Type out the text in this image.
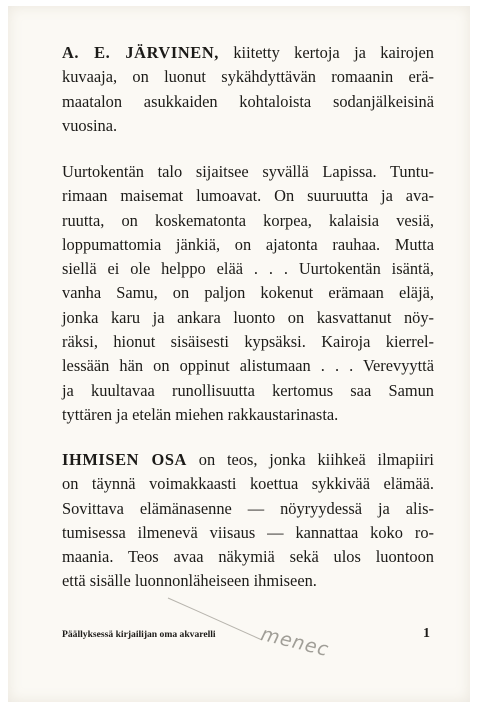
A. E. JÄRVINEN, kiitetty kertoja ja kairojen
kuvaaja, on luonut sykähdyttävän romaanin erä-
maatalon asukkaiden kohtaloista sodanjälkeisinä
vuosina.
Uurtokentän talo sijaitsee syvällä Lapissa. Tuntu-
rimaan maisemat lumoavat. On suuruutta ja ava-
ruutta, on koskematonta korpea, kalaisia vesiä,
loppumattomia jänkiä, on ajatonta rauhaa. Mutta
siellä ei ole helppo elää . . . Uurtokentän isäntä,
vanha Samu, on paljon kokenut erämaan eläjä,
jonka karu ja ankara luonto on kasvattanut nöy-
räksi, hionut sisäisesti kypsäksi. Kairoja kierrel-
lessään hän on oppinut alistumaan . . . Verevyyttä
ja kuultavaa runollisuutta kertomus saa Samun
tyttären ja etelän miehen rakkaustarinasta.
IHMISEN OSA on teos, jonka kiihkeä ilmapiiri
on täynnä voimakkaasti koettua sykkivää elämää.
Sovittava elämänasenne — nöyryydessä ja alis-
tumisessa ilmenevä viisaus — kannattaa koko ro-
maania. Teos avaa näkymiä sekä ulos luontoon
että sisälle luonnonläheiseen ihmiseen.
menec
Päällyksessä kirjailijan oma akvarelli	1
